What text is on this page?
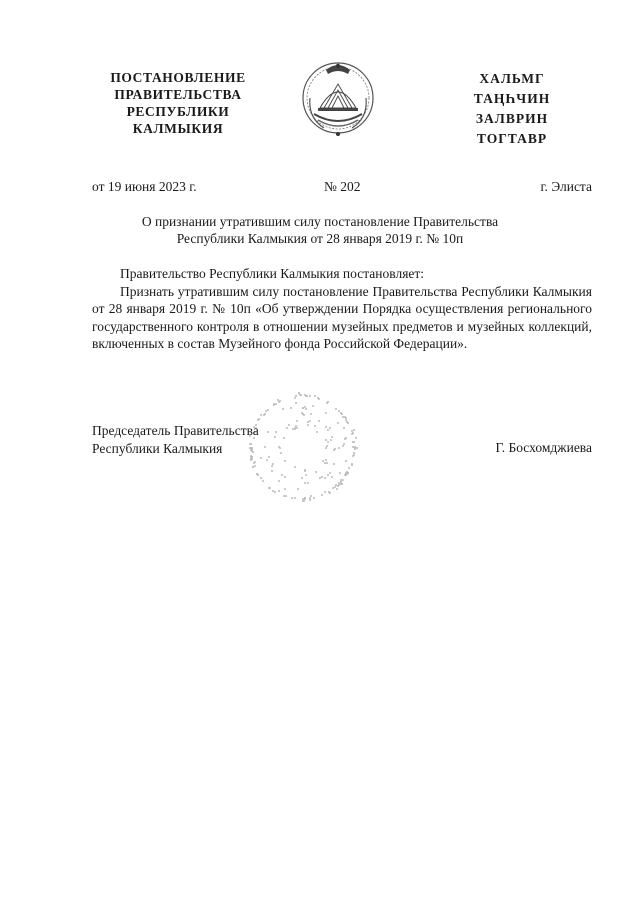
ПОСТАНОВЛЕНИЕ
ПРАВИТЕЛЬСТВА
РЕСПУБЛИКИ
КАЛМЫКИЯ
ХАЛЬМГ
ТАҢҺЧИН
ЗАЛВРИН
ТОГТАВР
от 19 июня 2023 г.	№ 202	г. Элиста
О признании утратившим силу постановление Правительства
Республики Калмыкия от 28 января 2019 г. № 10п

Правительство Республики Калмыкия постановляет:

Признать утратившим силу постановление Правительства Республики Калмыкия от 28 января 2019 г. № 10п «Об утверждении Порядка осуществления регионального государственного контроля в отношении музейных предметов и музейных коллекций, включенных в состав Музейного фонда Российской Федерации».

Председатель Правительства
Республики Калмыкия	Г. Босхомджиева
